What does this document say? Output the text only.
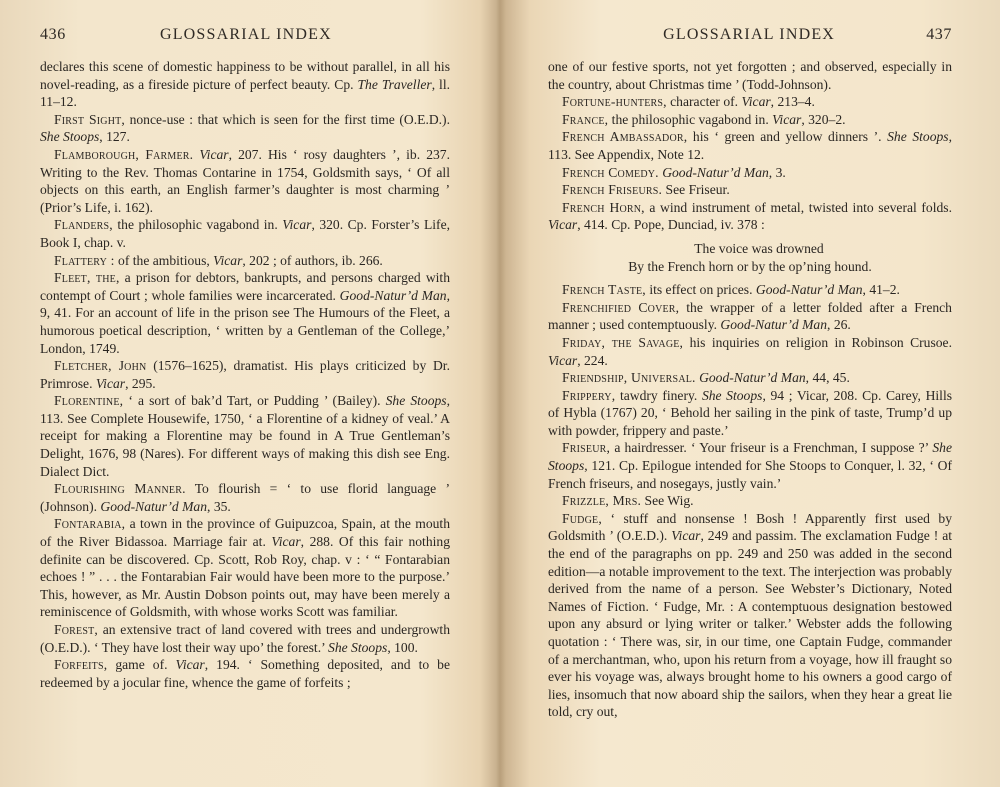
436	GLOSSARIAL INDEX

declares this scene of domestic happiness to be without parallel, in all his novel-reading, as a fireside picture of perfect beauty. Cp. The Traveller, ll. 11–12.

First Sight, nonce-use : that which is seen for the first time (O.E.D.). She Stoops, 127.

Flamborough, Farmer. Vicar, 207. His ‘ rosy daughters ’, ib. 237. Writing to the Rev. Thomas Contarine in 1754, Goldsmith says, ‘ Of all objects on this earth, an English farmer’s daughter is most charming ’ (Prior’s Life, i. 162).

Flanders, the philosophic vagabond in. Vicar, 320. Cp. Forster’s Life, Book I, chap. v.

Flattery : of the ambitious, Vicar, 202 ; of authors, ib. 266.

Fleet, the, a prison for debtors, bankrupts, and persons charged with contempt of Court ; whole families were incarcerated. Good-Natur’d Man, 9, 41. For an account of life in the prison see The Humours of the Fleet, a humorous poetical description, ‘ written by a Gentleman of the College,’ London, 1749.

Fletcher, John (1576–1625), dramatist. His plays criticized by Dr. Primrose. Vicar, 295.

Florentine, ‘ a sort of bak’d Tart, or Pudding ’ (Bailey). She Stoops, 113. See Complete Housewife, 1750, ‘ a Florentine of a kidney of veal.’ A receipt for making a Florentine may be found in A True Gentleman’s Delight, 1676, 98 (Nares). For different ways of making this dish see Eng. Dialect Dict.

Flourishing Manner. To flourish = ‘ to use florid language ’ (Johnson). Good-Natur’d Man, 35.

Fontarabia, a town in the province of Guipuzcoa, Spain, at the mouth of the River Bidassoa. Marriage fair at. Vicar, 288. Of this fair nothing definite can be discovered. Cp. Scott, Rob Roy, chap. v : ‘ “ Fontarabian echoes ! ” . . . the Fontarabian Fair would have been more to the purpose.’ This, however, as Mr. Austin Dobson points out, may have been merely a reminiscence of Goldsmith, with whose works Scott was familiar.

Forest, an extensive tract of land covered with trees and undergrowth (O.E.D.). ‘ They have lost their way upo’ the forest.’ She Stoops, 100.

Forfeits, game of. Vicar, 194. ‘ Something deposited, and to be redeemed by a jocular fine, whence the game of forfeits ;

GLOSSARIAL INDEX	437

one of our festive sports, not yet forgotten ; and observed, especially in the country, about Christmas time ’ (Todd-Johnson).

Fortune-hunters, character of. Vicar, 213–4.

France, the philosophic vagabond in. Vicar, 320–2.

French Ambassador, his ‘ green and yellow dinners ’. She Stoops, 113. See Appendix, Note 12.

French Comedy. Good-Natur’d Man, 3.

French Friseurs. See Friseur.

French Horn, a wind instrument of metal, twisted into several folds. Vicar, 414. Cp. Pope, Dunciad, iv. 378 :

The voice was drowned
By the French horn or by the op’ning hound.

French Taste, its effect on prices. Good-Natur’d Man, 41–2.

Frenchified Cover, the wrapper of a letter folded after a French manner ; used contemptuously. Good-Natur’d Man, 26.

Friday, the Savage, his inquiries on religion in Robinson Crusoe. Vicar, 224.

Friendship, Universal. Good-Natur’d Man, 44, 45.

Frippery, tawdry finery. She Stoops, 94 ; Vicar, 208. Cp. Carey, Hills of Hybla (1767) 20, ‘ Behold her sailing in the pink of taste, Trump’d up with powder, frippery and paste.’

Friseur, a hairdresser. ‘ Your friseur is a Frenchman, I suppose ?’ She Stoops, 121. Cp. Epilogue intended for She Stoops to Conquer, l. 32, ‘ Of French friseurs, and nosegays, justly vain.’

Frizzle, Mrs. See Wig.

Fudge, ‘ stuff and nonsense ! Bosh ! Apparently first used by Goldsmith ’ (O.E.D.). Vicar, 249 and passim. The exclamation Fudge ! at the end of the paragraphs on pp. 249 and 250 was added in the second edition—a notable improvement to the text. The interjection was probably derived from the name of a person. See Webster’s Dictionary, Noted Names of Fiction. ‘ Fudge, Mr. : A contemptuous designation bestowed upon any absurd or lying writer or talker.’ Webster adds the following quotation : ‘ There was, sir, in our time, one Captain Fudge, commander of a merchantman, who, upon his return from a voyage, how ill fraught so ever his voyage was, always brought home to his owners a good cargo of lies, insomuch that now aboard ship the sailors, when they hear a great lie told, cry out,
